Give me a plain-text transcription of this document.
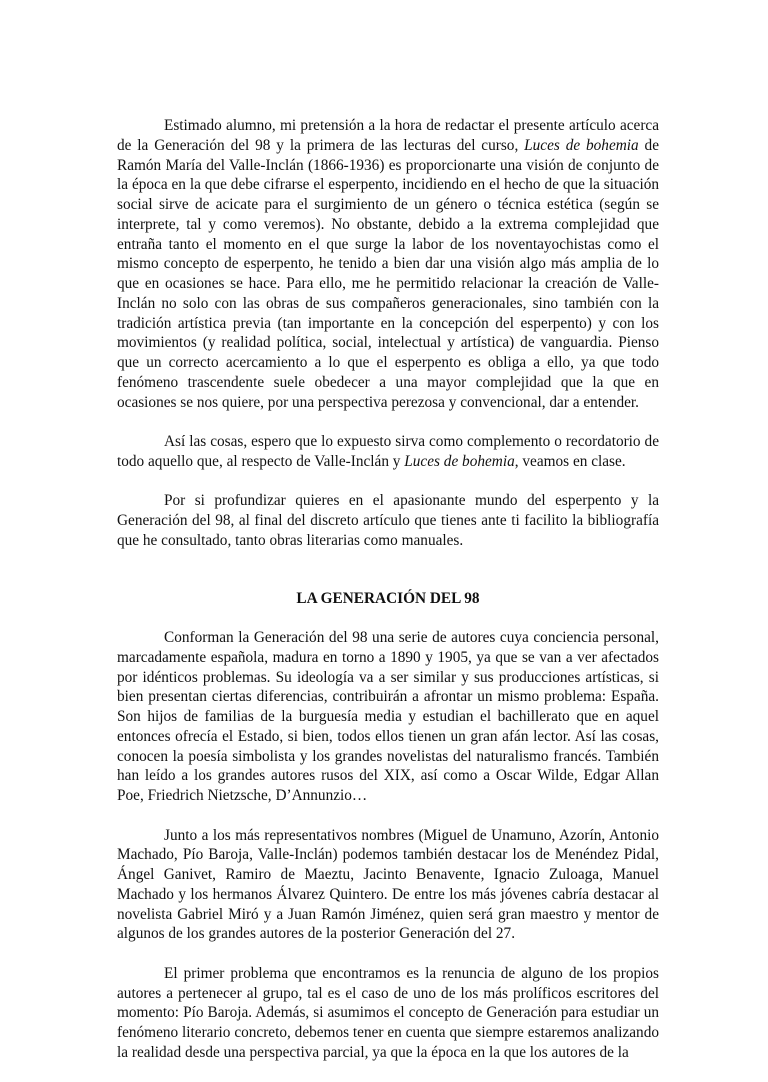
Estimado alumno, mi pretensión a la hora de redactar el presente artículo acerca de la Generación del 98 y la primera de las lecturas del curso, Luces de bohemia de Ramón María del Valle-Inclán (1866-1936) es proporcionarte una visión de conjunto de la época en la que debe cifrarse el esperpento, incidiendo en el hecho de que la situación social sirve de acicate para el surgimiento de un género o técnica estética (según se interprete, tal y como veremos). No obstante, debido a la extrema complejidad que entraña tanto el momento en el que surge la labor de los noventayochistas como el mismo concepto de esperpento, he tenido a bien dar una visión algo más amplia de lo que en ocasiones se hace. Para ello, me he permitido relacionar la creación de Valle-Inclán no solo con las obras de sus compañeros generacionales, sino también con la tradición artística previa (tan importante en la concepción del esperpento) y con los movimientos (y realidad política, social, intelectual y artística) de vanguardia. Pienso que un correcto acercamiento a lo que el esperpento es obliga a ello, ya que todo fenómeno trascendente suele obedecer a una mayor complejidad que la que en ocasiones se nos quiere, por una perspectiva perezosa y convencional, dar a entender.

Así las cosas, espero que lo expuesto sirva como complemento o recordatorio de todo aquello que, al respecto de Valle-Inclán y Luces de bohemia, veamos en clase.

Por si profundizar quieres en el apasionante mundo del esperpento y la Generación del 98, al final del discreto artículo que tienes ante ti facilito la bibliografía que he consultado, tanto obras literarias como manuales.

LA GENERACIÓN DEL 98

Conforman la Generación del 98 una serie de autores cuya conciencia personal, marcadamente española, madura en torno a 1890 y 1905, ya que se van a ver afectados por idénticos problemas. Su ideología va a ser similar y sus producciones artísticas, si bien presentan ciertas diferencias, contribuirán a afrontar un mismo problema: España. Son hijos de familias de la burguesía media y estudian el bachillerato que en aquel entonces ofrecía el Estado, si bien, todos ellos tienen un gran afán lector. Así las cosas, conocen la poesía simbolista y los grandes novelistas del naturalismo francés. También han leído a los grandes autores rusos del XIX, así como a Oscar Wilde, Edgar Allan Poe, Friedrich Nietzsche, D’Annunzio…

Junto a los más representativos nombres (Miguel de Unamuno, Azorín, Antonio Machado, Pío Baroja, Valle-Inclán) podemos también destacar los de Menéndez Pidal, Ángel Ganivet, Ramiro de Maeztu, Jacinto Benavente, Ignacio Zuloaga, Manuel Machado y los hermanos Álvarez Quintero. De entre los más jóvenes cabría destacar al novelista Gabriel Miró y a Juan Ramón Jiménez, quien será gran maestro y mentor de algunos de los grandes autores de la posterior Generación del 27.

El primer problema que encontramos es la renuncia de alguno de los propios autores a pertenecer al grupo, tal es el caso de uno de los más prolíficos escritores del momento: Pío Baroja. Además, si asumimos el concepto de Generación para estudiar un fenómeno literario concreto, debemos tener en cuenta que siempre estaremos analizando la realidad desde una perspectiva parcial, ya que la época en la que los autores de la
